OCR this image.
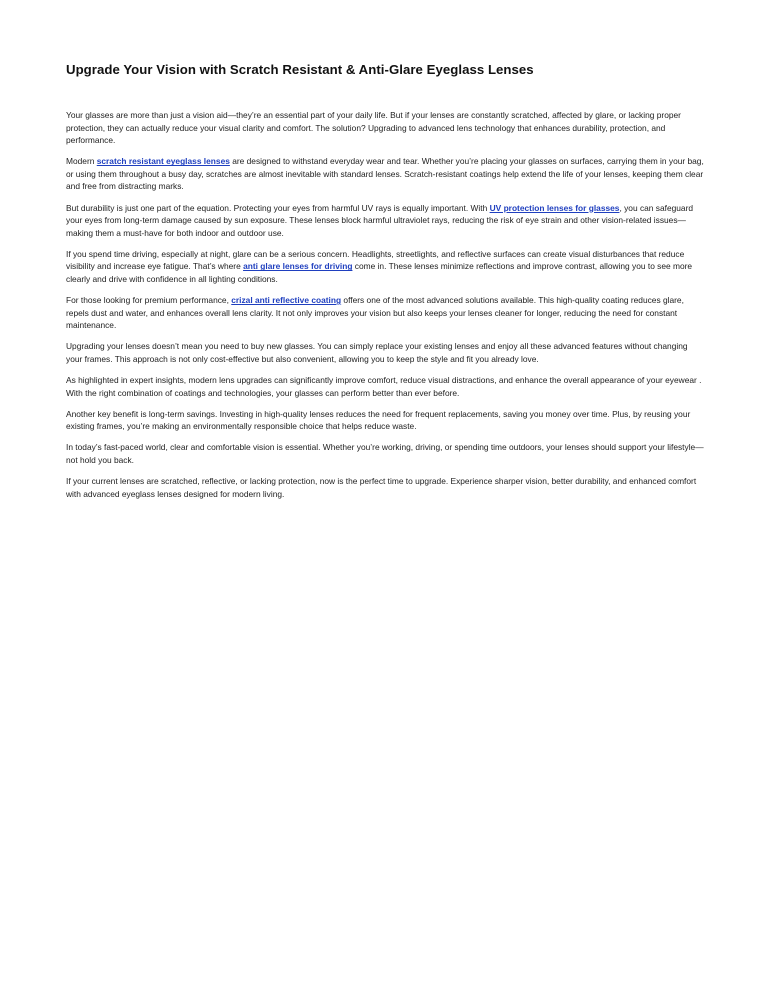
Upgrade Your Vision with Scratch Resistant & Anti-Glare Eyeglass Lenses

Your glasses are more than just a vision aid—they’re an essential part of your daily life. But if your lenses are constantly scratched, affected by glare, or lacking proper protection, they can actually reduce your visual clarity and comfort. The solution? Upgrading to advanced lens technology that enhances durability, protection, and performance.

Modern scratch resistant eyeglass lenses are designed to withstand everyday wear and tear. Whether you’re placing your glasses on surfaces, carrying them in your bag, or using them throughout a busy day, scratches are almost inevitable with standard lenses. Scratch-resistant coatings help extend the life of your lenses, keeping them clear and free from distracting marks.

But durability is just one part of the equation. Protecting your eyes from harmful UV rays is equally important. With UV protection lenses for glasses, you can safeguard your eyes from long-term damage caused by sun exposure. These lenses block harmful ultraviolet rays, reducing the risk of eye strain and other vision-related issues—making them a must-have for both indoor and outdoor use.

If you spend time driving, especially at night, glare can be a serious concern. Headlights, streetlights, and reflective surfaces can create visual disturbances that reduce visibility and increase eye fatigue. That’s where anti glare lenses for driving come in. These lenses minimize reflections and improve contrast, allowing you to see more clearly and drive with confidence in all lighting conditions.

For those looking for premium performance, crizal anti reflective coating offers one of the most advanced solutions available. This high-quality coating reduces glare, repels dust and water, and enhances overall lens clarity. It not only improves your vision but also keeps your lenses cleaner for longer, reducing the need for constant maintenance.

Upgrading your lenses doesn’t mean you need to buy new glasses. You can simply replace your existing lenses and enjoy all these advanced features without changing your frames. This approach is not only cost-effective but also convenient, allowing you to keep the style and fit you already love.

As highlighted in expert insights, modern lens upgrades can significantly improve comfort, reduce visual distractions, and enhance the overall appearance of your eyewear . With the right combination of coatings and technologies, your glasses can perform better than ever before.

Another key benefit is long-term savings. Investing in high-quality lenses reduces the need for frequent replacements, saving you money over time. Plus, by reusing your existing frames, you’re making an environmentally responsible choice that helps reduce waste.

In today’s fast-paced world, clear and comfortable vision is essential. Whether you’re working, driving, or spending time outdoors, your lenses should support your lifestyle—not hold you back.

If your current lenses are scratched, reflective, or lacking protection, now is the perfect time to upgrade. Experience sharper vision, better durability, and enhanced comfort with advanced eyeglass lenses designed for modern living.
